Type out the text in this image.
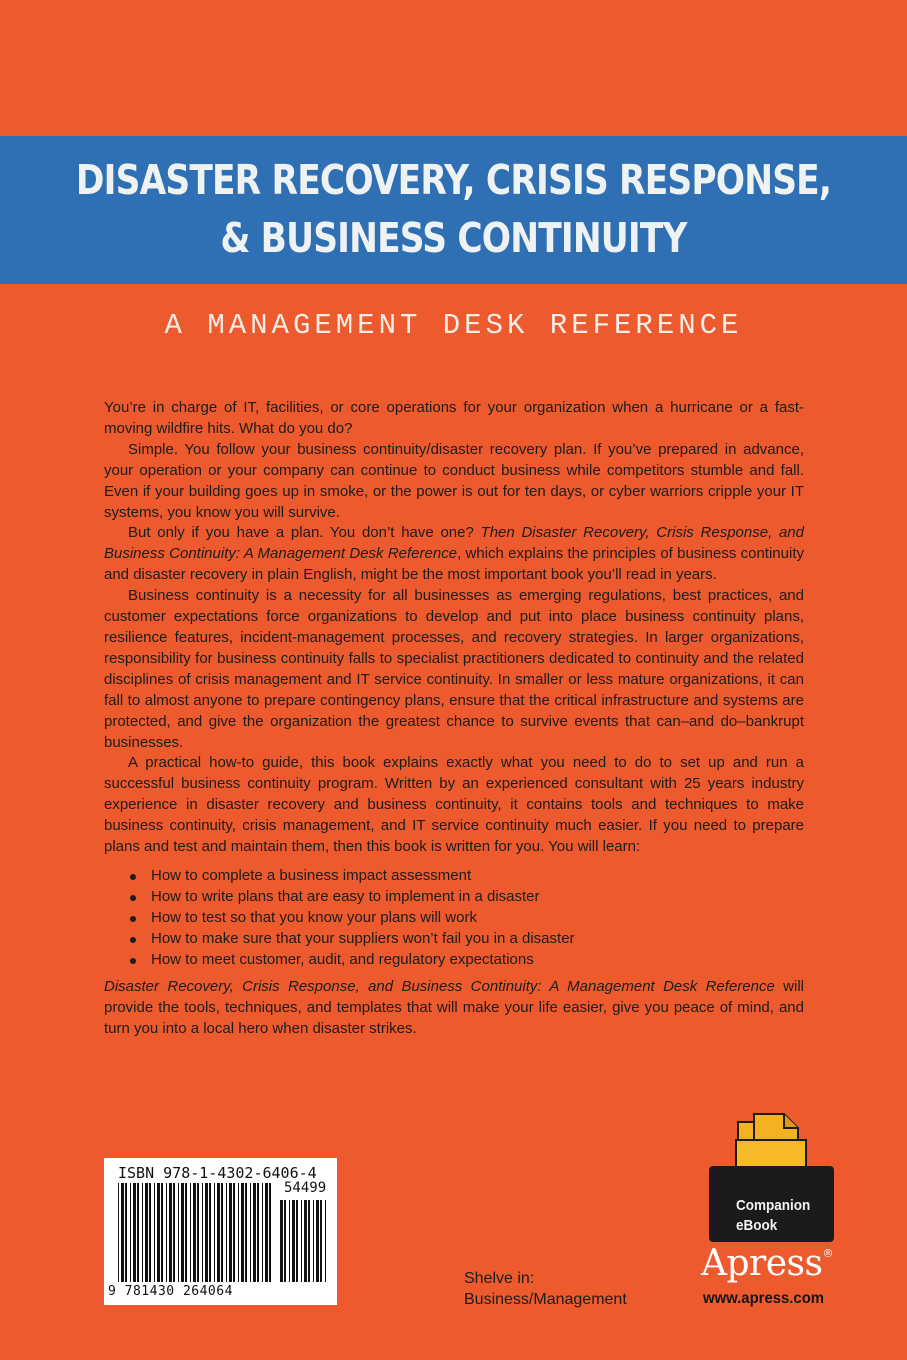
DISASTER RECOVERY, CRISIS RESPONSE,
& BUSINESS CONTINUITY
A MANAGEMENT DESK REFERENCE

You’re in charge of IT, facilities, or core operations for your organization when a hurricane or a fast-moving wildfire hits. What do you do?

Simple. You follow your business continuity/disaster recovery plan. If you’ve prepared in advance, your operation or your company can continue to conduct business while competitors stumble and fall. Even if your building goes up in smoke, or the power is out for ten days, or cyber warriors cripple your IT systems, you know you will survive.

But only if you have a plan. You don’t have one? Then Disaster Recovery, Crisis Response, and Business Continuity: A Management Desk Reference, which explains the principles of business continuity and disaster recovery in plain English, might be the most important book you’ll read in years.

Business continuity is a necessity for all businesses as emerging regulations, best practices, and customer expectations force organizations to develop and put into place business continuity plans, resilience features, incident-management processes, and recovery strategies. In larger organizations, responsibility for business continuity falls to specialist practitioners dedicated to continuity and the related disciplines of crisis management and IT service continuity. In smaller or less mature organizations, it can fall to almost anyone to prepare contingency plans, ensure that the critical infrastructure and systems are protected, and give the organization the greatest chance to survive events that can–and do–bankrupt businesses.

A practical how-to guide, this book explains exactly what you need to do to set up and run a successful business continuity program. Written by an experienced consultant with 25 years industry experience in disaster recovery and business continuity, it contains tools and techniques to make business continuity, crisis management, and IT service continuity much easier. If you need to prepare plans and test and maintain them, then this book is written for you. You will learn:

How to complete a business impact assessment
How to write plans that are easy to implement in a disaster
How to test so that you know your plans will work
How to make sure that your suppliers won’t fail you in a disaster
How to meet customer, audit, and regulatory expectations

Disaster Recovery, Crisis Response, and Business Continuity: A Management Desk Reference will provide the tools, techniques, and templates that will make your life easier, give you peace of mind, and turn you into a local hero when disaster strikes.

ISBN 978-1-4302-6406-4
54499
9 781430 264064
Shelve in:
Business/Management
Companion
eBook
Apress®
www.apress.com
